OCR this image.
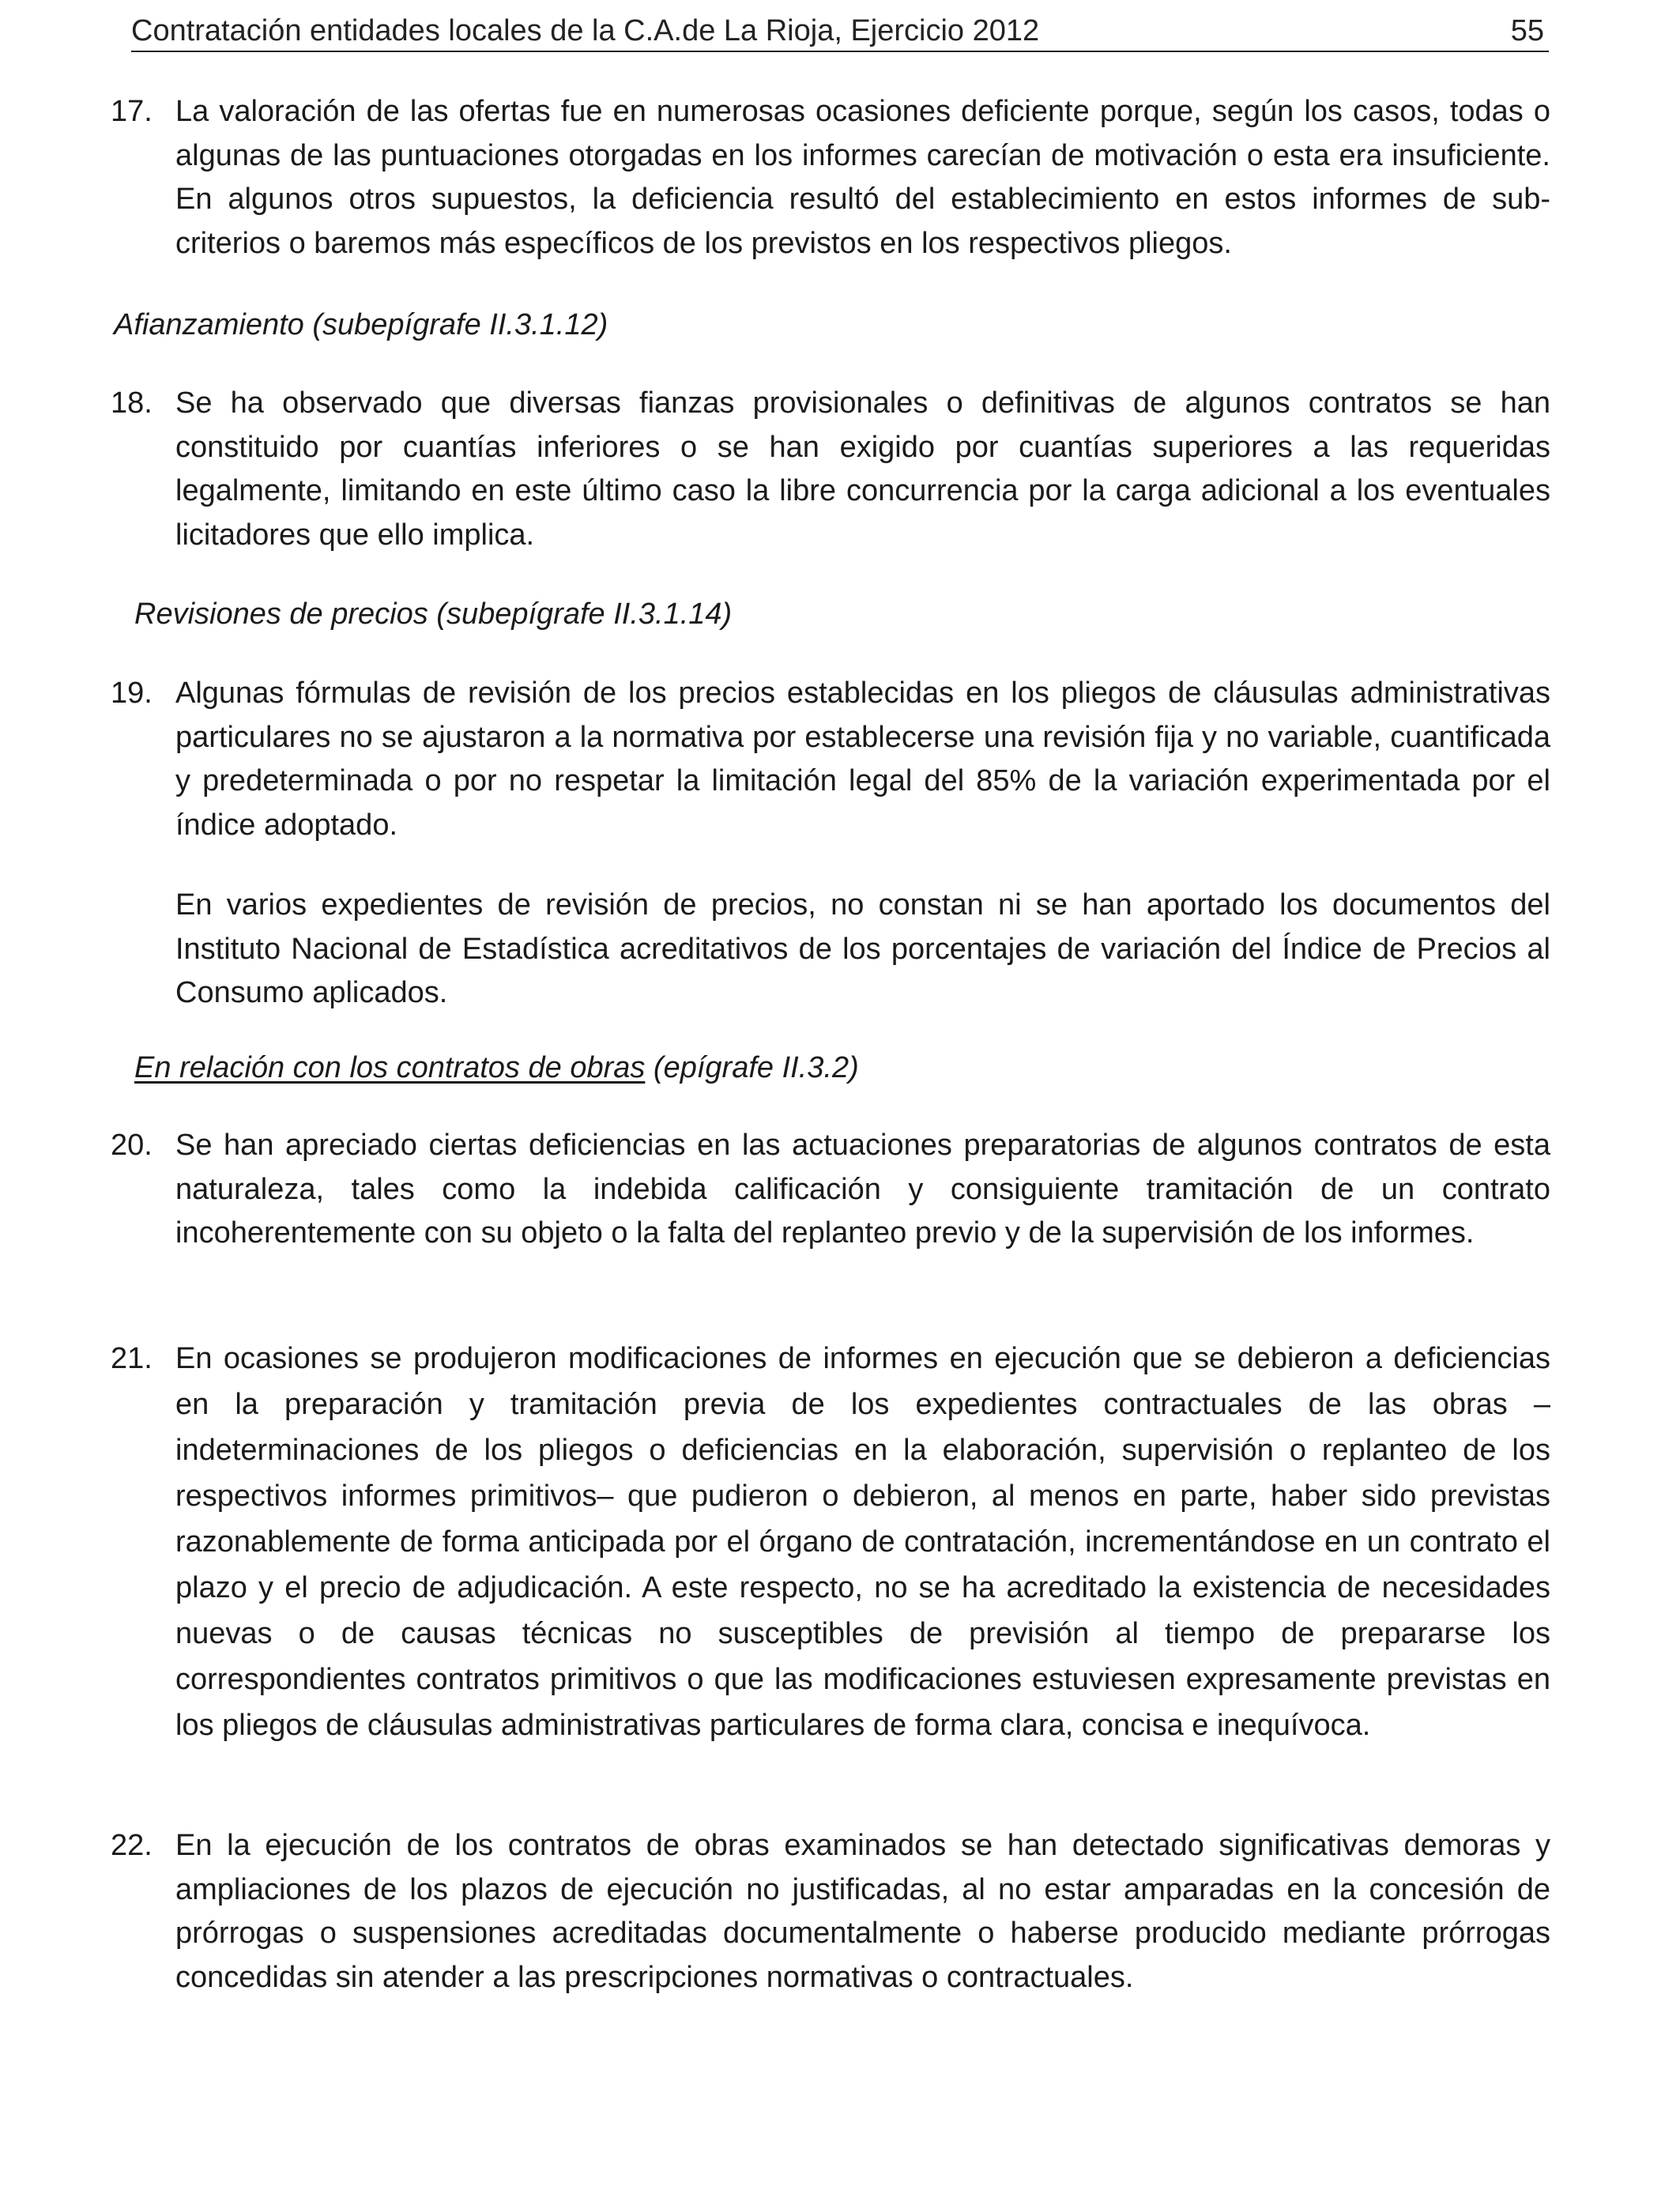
Contratación entidades locales de la C.A.de La Rioja, Ejercicio 2012	55
17. La valoración de las ofertas fue en numerosas ocasiones deficiente porque, según los casos, todas o algunas de las puntuaciones otorgadas en los informes carecían de motivación o esta era insuficiente. En algunos otros supuestos, la deficiencia resultó del establecimiento en estos informes de sub-criterios o baremos más específicos de los previstos en los respectivos pliegos.
Afianzamiento (subepígrafe II.3.1.12)
18. Se ha observado que diversas fianzas provisionales o definitivas de algunos contratos se han constituido por cuantías inferiores o se han exigido por cuantías superiores a las requeridas legalmente, limitando en este último caso la libre concurrencia por la carga adicional a los eventuales licitadores que ello implica.
Revisiones de precios (subepígrafe II.3.1.14)
19. Algunas fórmulas de revisión de los precios establecidas en los pliegos de cláusulas administrativas particulares no se ajustaron a la normativa por establecerse una revisión fija y no variable, cuantificada y predeterminada o por no respetar la limitación legal del 85% de la variación experimentada por el índice adoptado.
En varios expedientes de revisión de precios, no constan ni se han aportado los documentos del Instituto Nacional de Estadística acreditativos de los porcentajes de variación del Índice de Precios al Consumo aplicados.
En relación con los contratos de obras (epígrafe II.3.2)
20. Se han apreciado ciertas deficiencias en las actuaciones preparatorias de algunos contratos de esta naturaleza, tales como la indebida calificación y consiguiente tramitación de un contrato incoherentemente con su objeto o la falta del replanteo previo y de la supervisión de los informes.
21. En ocasiones se produjeron modificaciones de informes en ejecución que se debieron a deficiencias en la preparación y tramitación previa de los expedientes contractuales de las obras –indeterminaciones de los pliegos o deficiencias en la elaboración, supervisión o replanteo de los respectivos informes primitivos– que pudieron o debieron, al menos en parte, haber sido previstas razonablemente de forma anticipada por el órgano de contratación, incrementándose en un contrato el plazo y el precio de adjudicación. A este respecto, no se ha acreditado la existencia de necesidades nuevas o de causas técnicas no susceptibles de previsión al tiempo de prepararse los correspondientes contratos primitivos o que las modificaciones estuviesen expresamente previstas en los pliegos de cláusulas administrativas particulares de forma clara, concisa e inequívoca.
22. En la ejecución de los contratos de obras examinados se han detectado significativas demoras y ampliaciones de los plazos de ejecución no justificadas, al no estar amparadas en la concesión de prórrogas o suspensiones acreditadas documentalmente o haberse producido mediante prórrogas concedidas sin atender a las prescripciones normativas o contractuales.
